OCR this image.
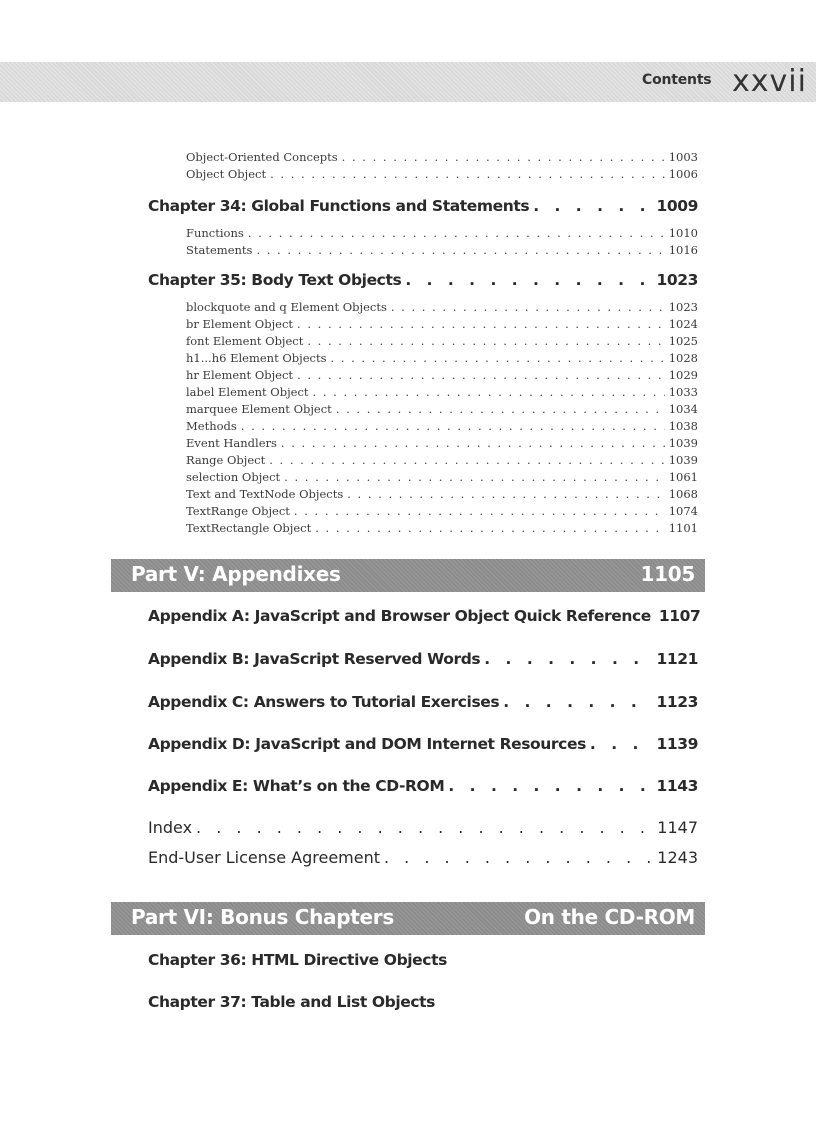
Contents xxvii
Object-Oriented Concepts . . .	1003
Object Object . . .	1006
Chapter 34: Global Functions and Statements . . .	1009
Functions . . .	1010
Statements . . .	1016
Chapter 35: Body Text Objects . . .	1023
blockquote and q Element Objects . . .	1023
br Element Object . . .	1024
font Element Object . . .	1025
h1...h6 Element Objects . . .	1028
hr Element Object . . .	1029
label Element Object . . .	1033
marquee Element Object . . .	1034
Methods . . .	1038
Event Handlers . . .	1039
Range Object . . .	1039
selection Object . . .	1061
Text and TextNode Objects . . .	1068
TextRange Object . . .	1074
TextRectangle Object . . .	1101
Part V: Appendixes	1105
Appendix A: JavaScript and Browser Object Quick Reference 1107
Appendix B: JavaScript Reserved Words . . .	1121
Appendix C: Answers to Tutorial Exercises . . .	1123
Appendix D: JavaScript and DOM Internet Resources . . .	1139
Appendix E: What’s on the CD-ROM . . .	1143
Index . . .	1147
End-User License Agreement . . .	1243
Part VI: Bonus Chapters	On the CD-ROM
Chapter 36: HTML Directive Objects
Chapter 37: Table and List Objects
